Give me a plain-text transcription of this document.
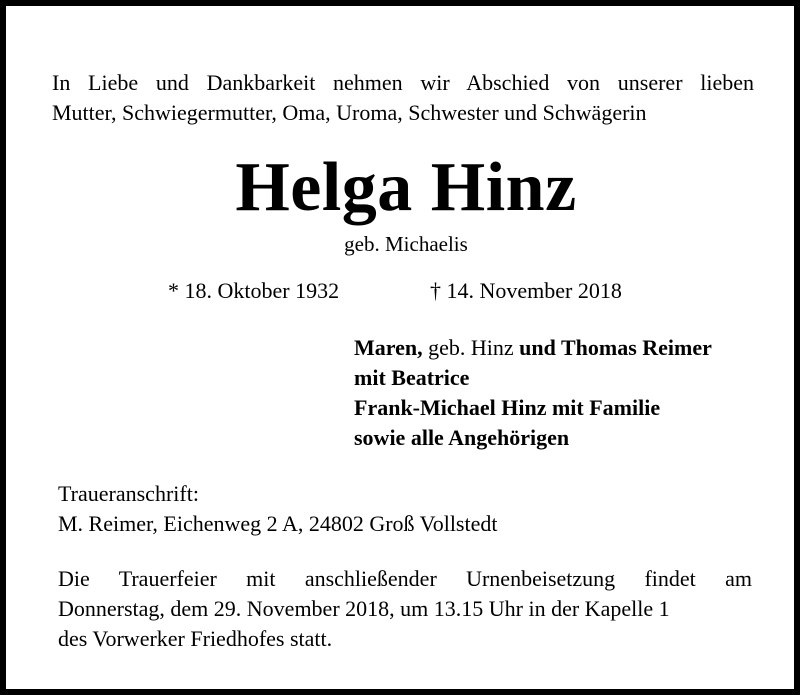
In Liebe und Dankbarkeit nehmen wir Abschied von unserer lieben
Mutter, Schwiegermutter, Oma, Uroma, Schwester und Schwägerin
Helga Hinz
geb. Michaelis
* 18. Oktober 1932	† 14. November 2018
Maren, geb. Hinz und Thomas Reimer
mit Beatrice
Frank-Michael Hinz mit Familie
sowie alle Angehörigen
Traueranschrift:
M. Reimer, Eichenweg 2 A, 24802 Groß Vollstedt
Die Trauerfeier mit anschließender Urnenbeisetzung findet am
Donnerstag, dem 29. November 2018, um 13.15 Uhr in der Kapelle 1
des Vorwerker Friedhofes statt.
